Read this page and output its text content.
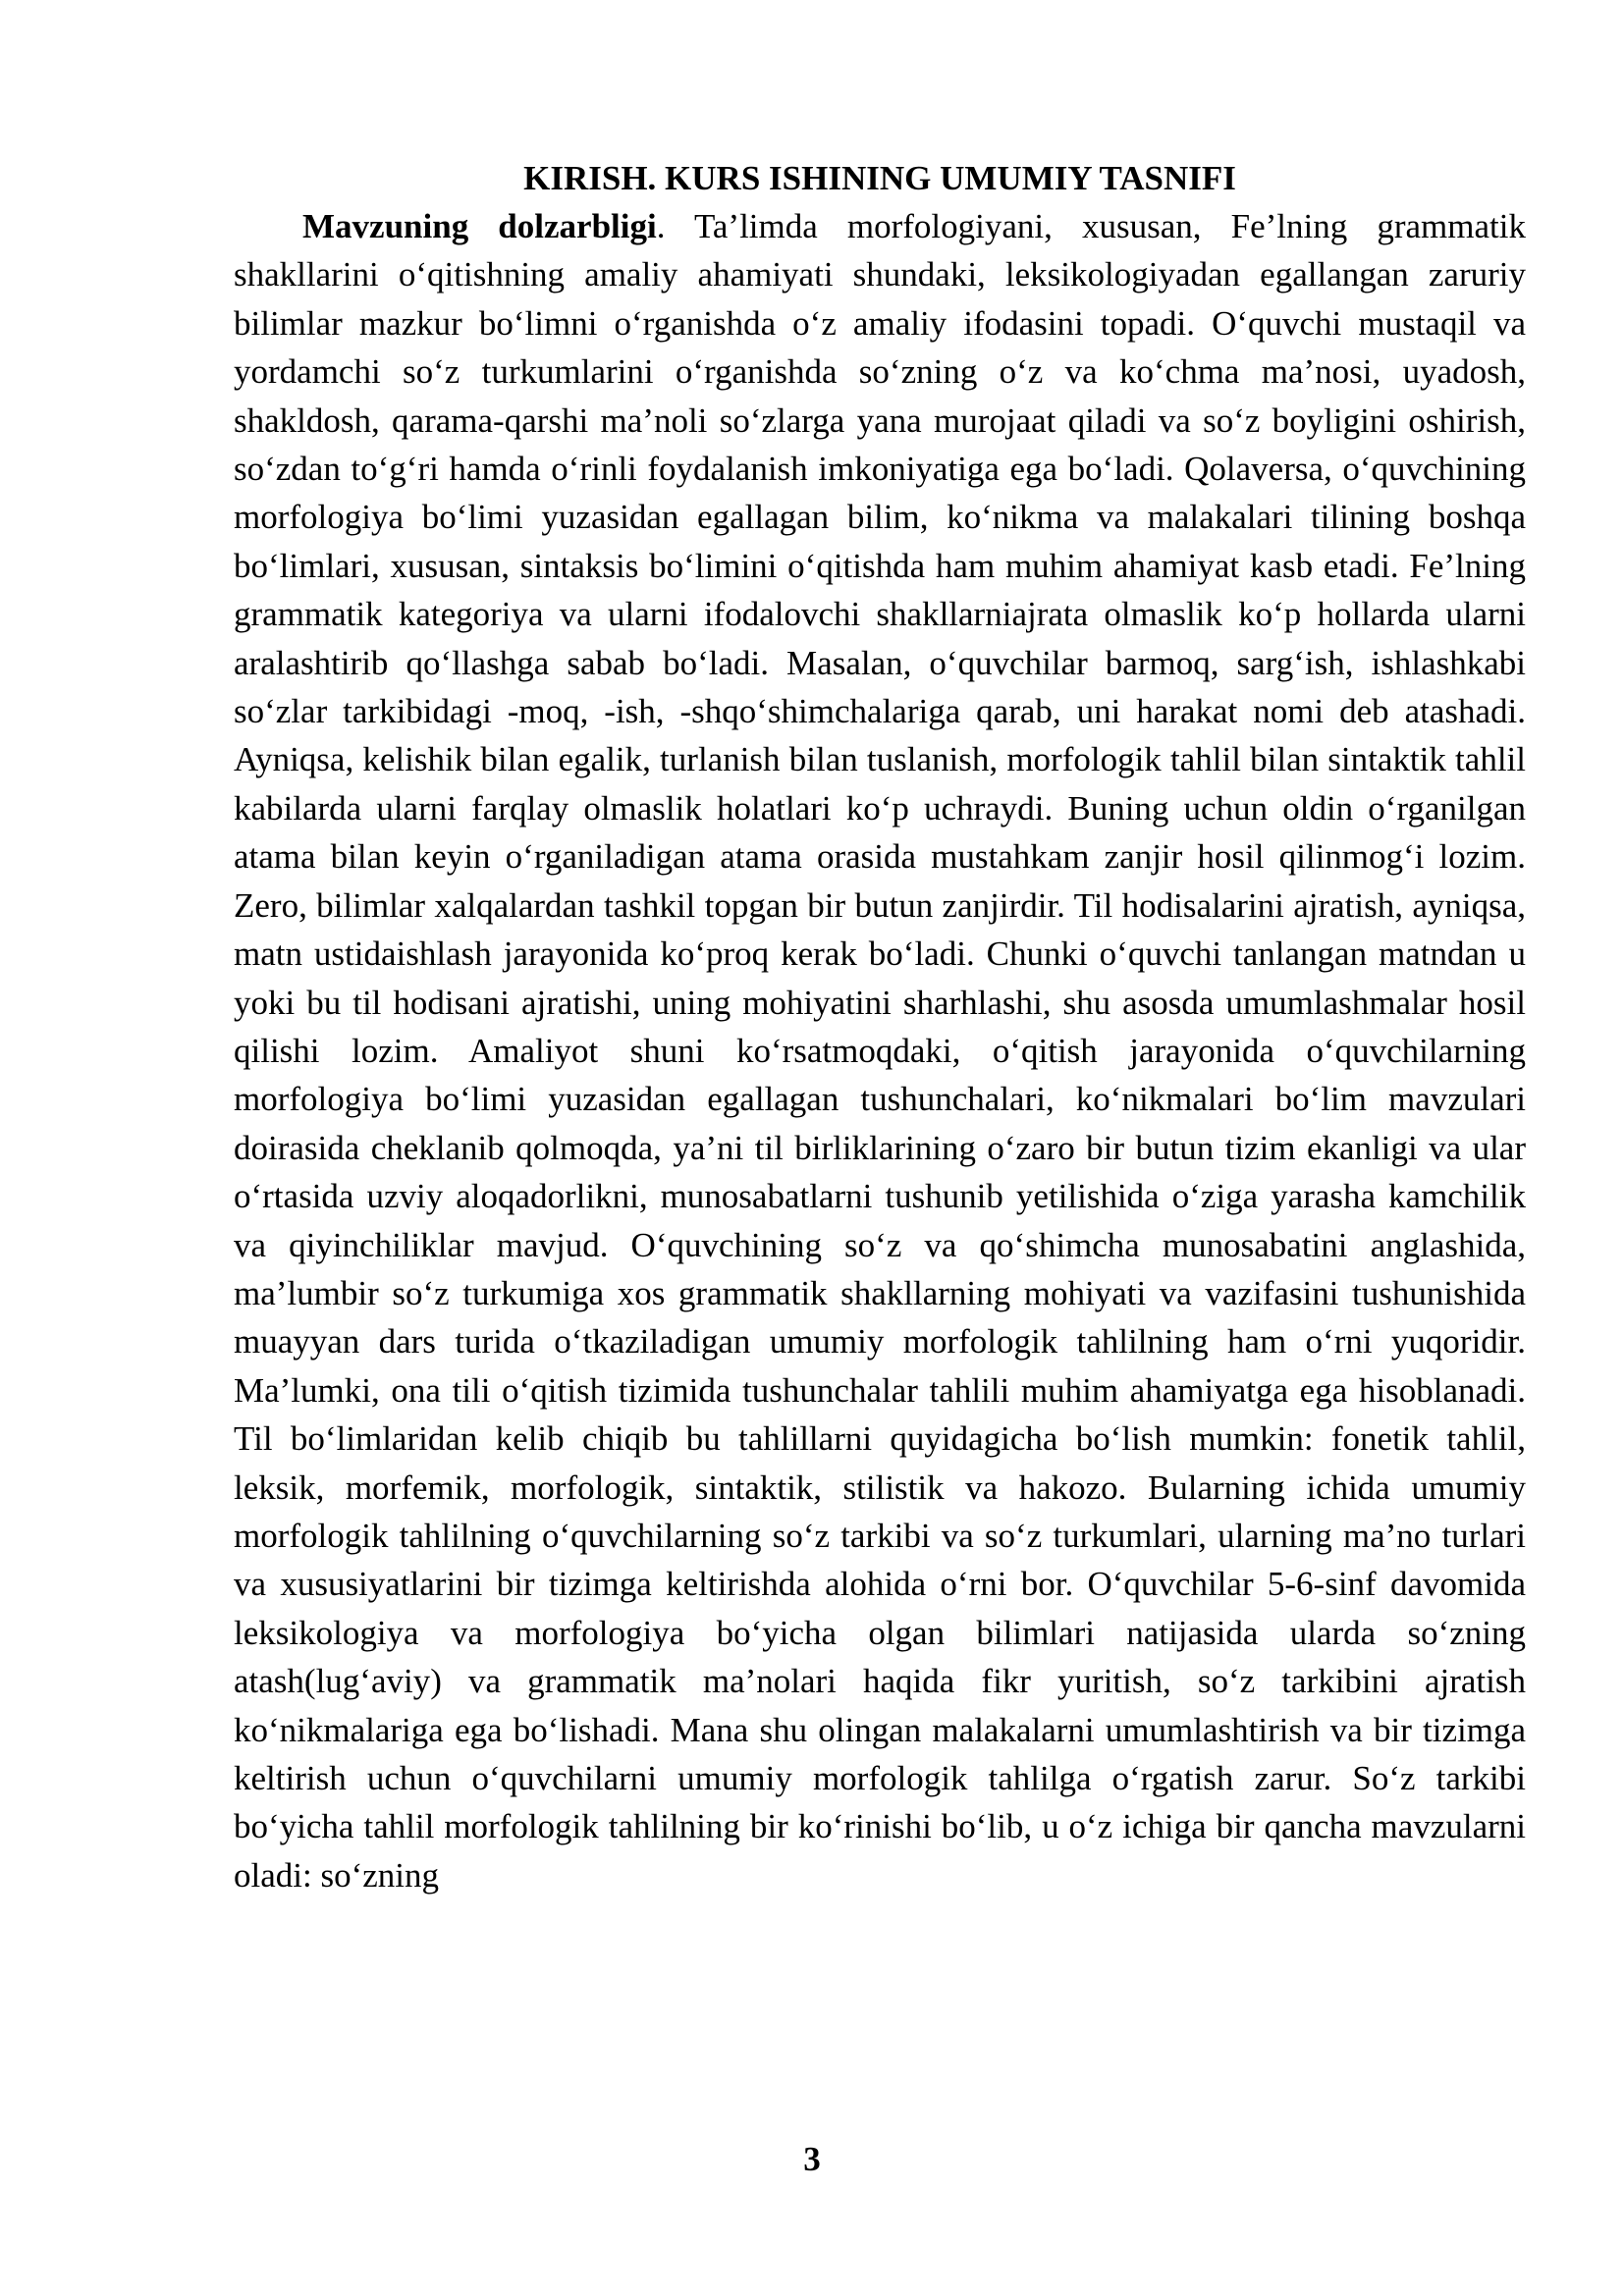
KIRISH. KURS ISHINING UMUMIY TASNIFI

Mavzuning dolzarbligi. Ta’limda morfologiyani, xususan, Fe’lning grammatik shakllarini o‘qitishning amaliy ahamiyati shundaki, leksikologiyadan egallangan zaruriy bilimlar mazkur bo‘limni o‘rganishda o‘z amaliy ifodasini topadi. O‘quvchi mustaqil va yordamchi so‘z turkumlarini o‘rganishda so‘zning o‘z va ko‘chma ma’nosi, uyadosh, shakldosh, qarama-qarshi ma’noli so‘zlarga yana murojaat qiladi va so‘z boyligini oshirish, so‘zdan to‘g‘ri hamda o‘rinli foydalanish imkoniyatiga ega bo‘ladi. Qolaversa, o‘quvchining morfologiya bo‘limi yuzasidan egallagan bilim, ko‘nikma va malakalari tilining boshqa bo‘limlari, xususan, sintaksis bo‘limini o‘qitishda ham muhim ahamiyat kasb etadi. Fe’lning grammatik kategoriya va ularni ifodalovchi shakllarniajrata olmaslik ko‘p hollarda ularni aralashtirib qo‘llashga sabab bo‘ladi. Masalan, o‘quvchilar barmoq, sarg‘ish, ishlashkabi so‘zlar tarkibidagi -moq, -ish, -shqo‘shimchalariga qarab, uni harakat nomi deb atashadi. Ayniqsa, kelishik bilan egalik, turlanish bilan tuslanish, morfologik tahlil bilan sintaktik tahlil kabilarda ularni farqlay olmaslik holatlari ko‘p uchraydi. Buning uchun oldin o‘rganilgan atama bilan keyin o‘rganiladigan atama orasida mustahkam zanjir hosil qilinmog‘i lozim. Zero, bilimlar xalqalardan tashkil topgan bir butun zanjirdir. Til hodisalarini ajratish, ayniqsa, matn ustidaishlash jarayonida ko‘proq kerak bo‘ladi. Chunki o‘quvchi tanlangan matndan u yoki bu til hodisani ajratishi, uning mohiyatini sharhlashi, shu asosda umumlashmalar hosil qilishi lozim. Amaliyot shuni ko‘rsatmoqdaki, o‘qitish jarayonida o‘quvchilarning morfologiya bo‘limi yuzasidan egallagan tushunchalari, ko‘nikmalari bo‘lim mavzulari doirasida cheklanib qolmoqda, ya’ni til birliklarining o‘zaro bir butun tizim ekanligi va ular o‘rtasida uzviy aloqadorlikni, munosabatlarni tushunib yetilishida o‘ziga yarasha kamchilik va qiyinchiliklar mavjud. O‘quvchining so‘z va qo‘shimcha munosabatini anglashida, ma’lumbir so‘z turkumiga xos grammatik shakllarning mohiyati va vazifasini tushunishida muayyan dars turida o‘tkaziladigan umumiy morfologik tahlilning ham o‘rni yuqoridir. Ma’lumki, ona tili o‘qitish tizimida tushunchalar tahlili muhim ahamiyatga ega hisoblanadi. Til bo‘limlaridan kelib chiqib bu tahlillarni quyidagicha bo‘lish mumkin: fonetik tahlil, leksik, morfemik, morfologik, sintaktik, stilistik va hakozo. Bularning ichida umumiy morfologik tahlilning o‘quvchilarning so‘z tarkibi va so‘z turkumlari, ularning ma’no turlari va xususiyatlarini bir tizimga keltirishda alohida o‘rni bor. O‘quvchilar 5-6-sinf davomida leksikologiya va morfologiya bo‘yicha olgan bilimlari natijasida ularda so‘zning atash(lug‘aviy) va grammatik ma’nolari haqida fikr yuritish, so‘z tarkibini ajratish ko‘nikmalariga ega bo‘lishadi. Mana shu olingan malakalarni umumlashtirish va bir tizimga keltirish uchun o‘quvchilarni umumiy morfologik tahlilga o‘rgatish zarur. So‘z tarkibi bo‘yicha tahlil morfologik tahlilning bir ko‘rinishi bo‘lib, u o‘z ichiga bir qancha mavzularni oladi: so‘zning

3
